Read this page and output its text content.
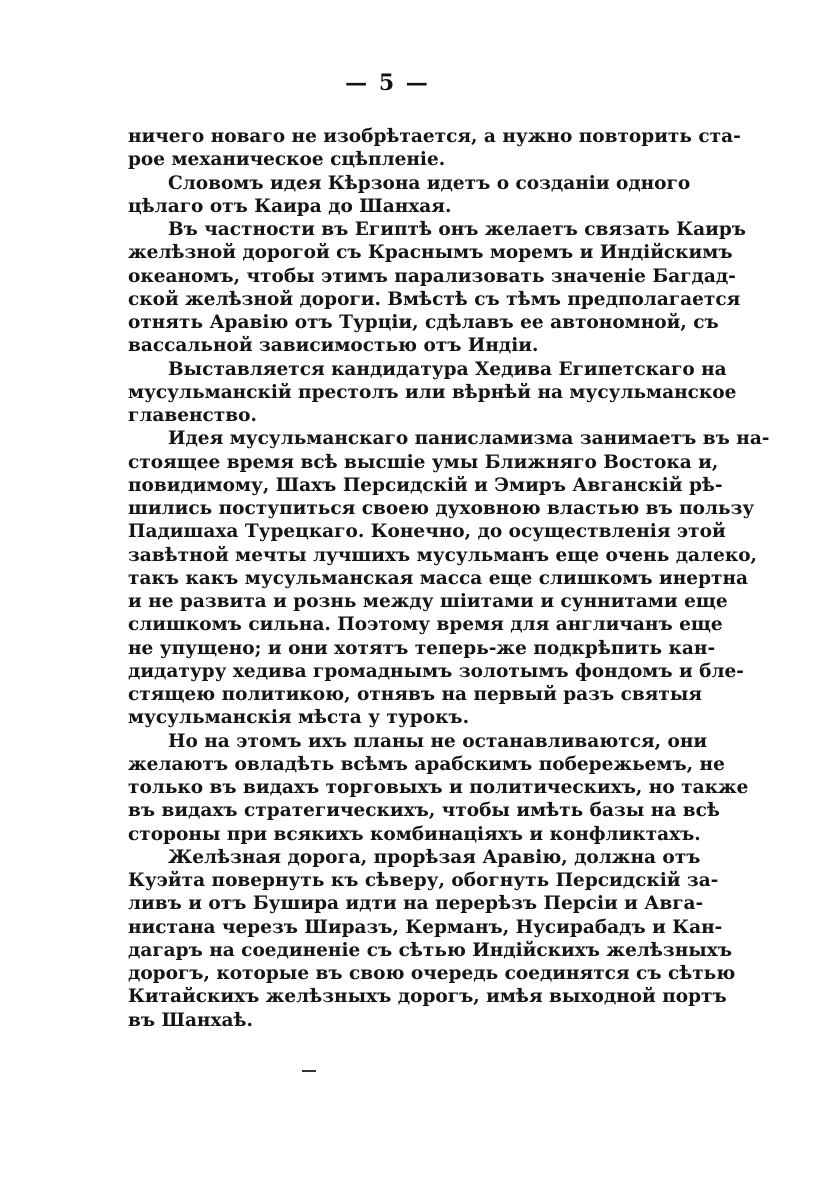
— 5 —
ничего новаго не изобрѣтается, а нужно повторить ста-
рое механическое сцѣпленіе.
Словомъ идея Кѣрзона идетъ о созданіи одного
цѣлаго отъ Каира до Шанхая.
Въ частности въ Египтѣ онъ желаетъ связать Каиръ
желѣзной дорогой съ Краснымъ моремъ и Индійскимъ
океаномъ, чтобы этимъ парализовать значеніе Багдад-
ской желѣзной дороги. Вмѣстѣ съ тѣмъ предполагается
отнять Аравію отъ Турціи, сдѣлавъ ее автономной, съ
вассальной зависимостью отъ Индіи.
Выставляется кандидатура Хедива Египетскаго на
мусульманскій престолъ или вѣрнѣй на мусульманское
главенство.
Идея мусульманскаго панисламизма занимаетъ въ на-
стоящее время всѣ высшіе умы Ближняго Востока и,
повидимому, Шахъ Персидскій и Эмиръ Авганскій рѣ-
шились поступиться своею духовною властью въ пользу
Падишаха Турецкаго. Конечно, до осуществленія этой
завѣтной мечты лучшихъ мусульманъ еще очень далеко,
такъ какъ мусульманская масса еще слишкомъ инертна
и не развита и рознь между шіитами и суннитами еще
слишкомъ сильна. Поэтому время для англичанъ еще
не упущено; и они хотятъ теперь-же подкрѣпить кан-
дидатуру хедива громаднымъ золотымъ фондомъ и бле-
стящею политикою, отнявъ на первый разъ святыя
мусульманскія мѣста у турокъ.
Но на этомъ ихъ планы не останавливаются, они
желаютъ овладѣть всѣмъ арабскимъ побережьемъ, не
только въ видахъ торговыхъ и политическихъ, но также
въ видахъ стратегическихъ, чтобы имѣть базы на всѣ
стороны при всякихъ комбинаціяхъ и конфликтахъ.
Желѣзная дорога, прорѣзая Аравію, должна отъ
Куэйта повернуть къ сѣверу, обогнуть Персидскій за-
ливъ и отъ Бушира идти на перерѣзъ Персіи и Авга-
нистана черезъ Ширазъ, Керманъ, Нусирабадъ и Кан-
дагаръ на соединеніе съ сѣтью Индійскихъ желѣзныхъ
дорогъ, которые въ свою очередь соединятся съ сѣтью
Китайскихъ желѣзныхъ дорогъ, имѣя выходной портъ
въ Шанхаѣ.
